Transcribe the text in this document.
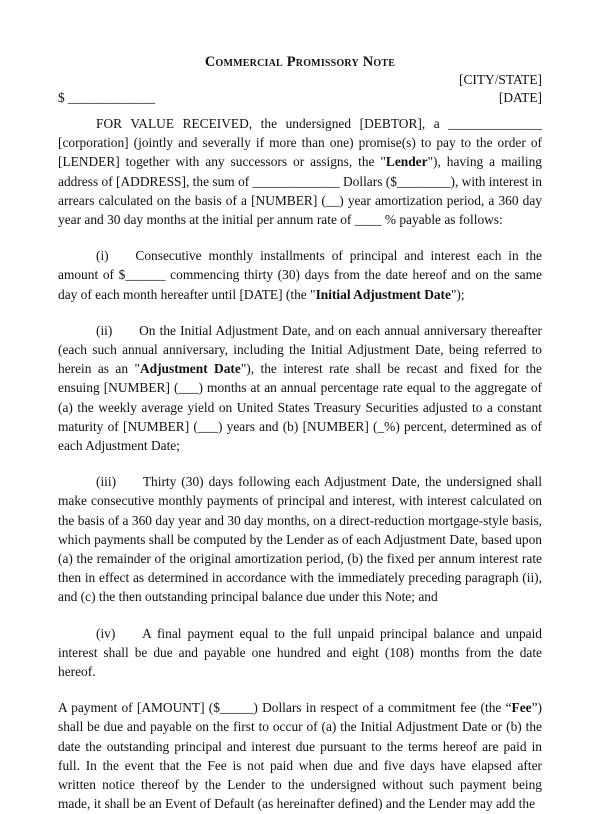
Commercial Promissory Note
[CITY/STATE]
$ _____________	[DATE]

FOR VALUE RECEIVED, the undersigned [DEBTOR], a ______________ [corporation] (jointly and severally if more than one) promise(s) to pay to the order of [LENDER] together with any successors or assigns, the "Lender"), having a mailing address of [ADDRESS], the sum of _____________ Dollars ($________), with interest in arrears calculated on the basis of a [NUMBER] (__) year amortization period, a 360 day year and 30 day months at the initial per annum rate of ____ % payable as follows:

(i)  Consecutive monthly installments of principal and interest each in the amount of $______ commencing thirty (30) days from the date hereof and on the same day of each month hereafter until [DATE] (the "Initial Adjustment Date");

(ii)  On the Initial Adjustment Date, and on each annual anniversary thereafter (each such annual anniversary, including the Initial Adjustment Date, being referred to herein as an "Adjustment Date"), the interest rate shall be recast and fixed for the ensuing [NUMBER] (___) months at an annual percentage rate equal to the aggregate of (a) the weekly average yield on United States Treasury Securities adjusted to a constant maturity of [NUMBER] (___) years and (b) [NUMBER] (_%) percent, determined as of each Adjustment Date;

(iii)  Thirty (30) days following each Adjustment Date, the undersigned shall make consecutive monthly payments of principal and interest, with interest calculated on the basis of a 360 day year and 30 day months, on a direct-reduction mortgage-style basis, which payments shall be computed by the Lender as of each Adjustment Date, based upon (a) the remainder of the original amortization period, (b) the fixed per annum interest rate then in effect as determined in accordance with the immediately preceding paragraph (ii), and (c) the then outstanding principal balance due under this Note; and

(iv)  A final payment equal to the full unpaid principal balance and unpaid interest shall be due and payable one hundred and eight (108) months from the date hereof.

A payment of [AMOUNT] ($_____) Dollars in respect of a commitment fee (the “Fee”) shall be due and payable on the first to occur of (a) the Initial Adjustment Date or (b) the date the outstanding principal and interest due pursuant to the terms hereof are paid in full. In the event that the Fee is not paid when due and five days have elapsed after written notice thereof by the Lender to the undersigned without such payment being made, it shall be an Event of Default (as hereinafter defined) and the Lender may add the
